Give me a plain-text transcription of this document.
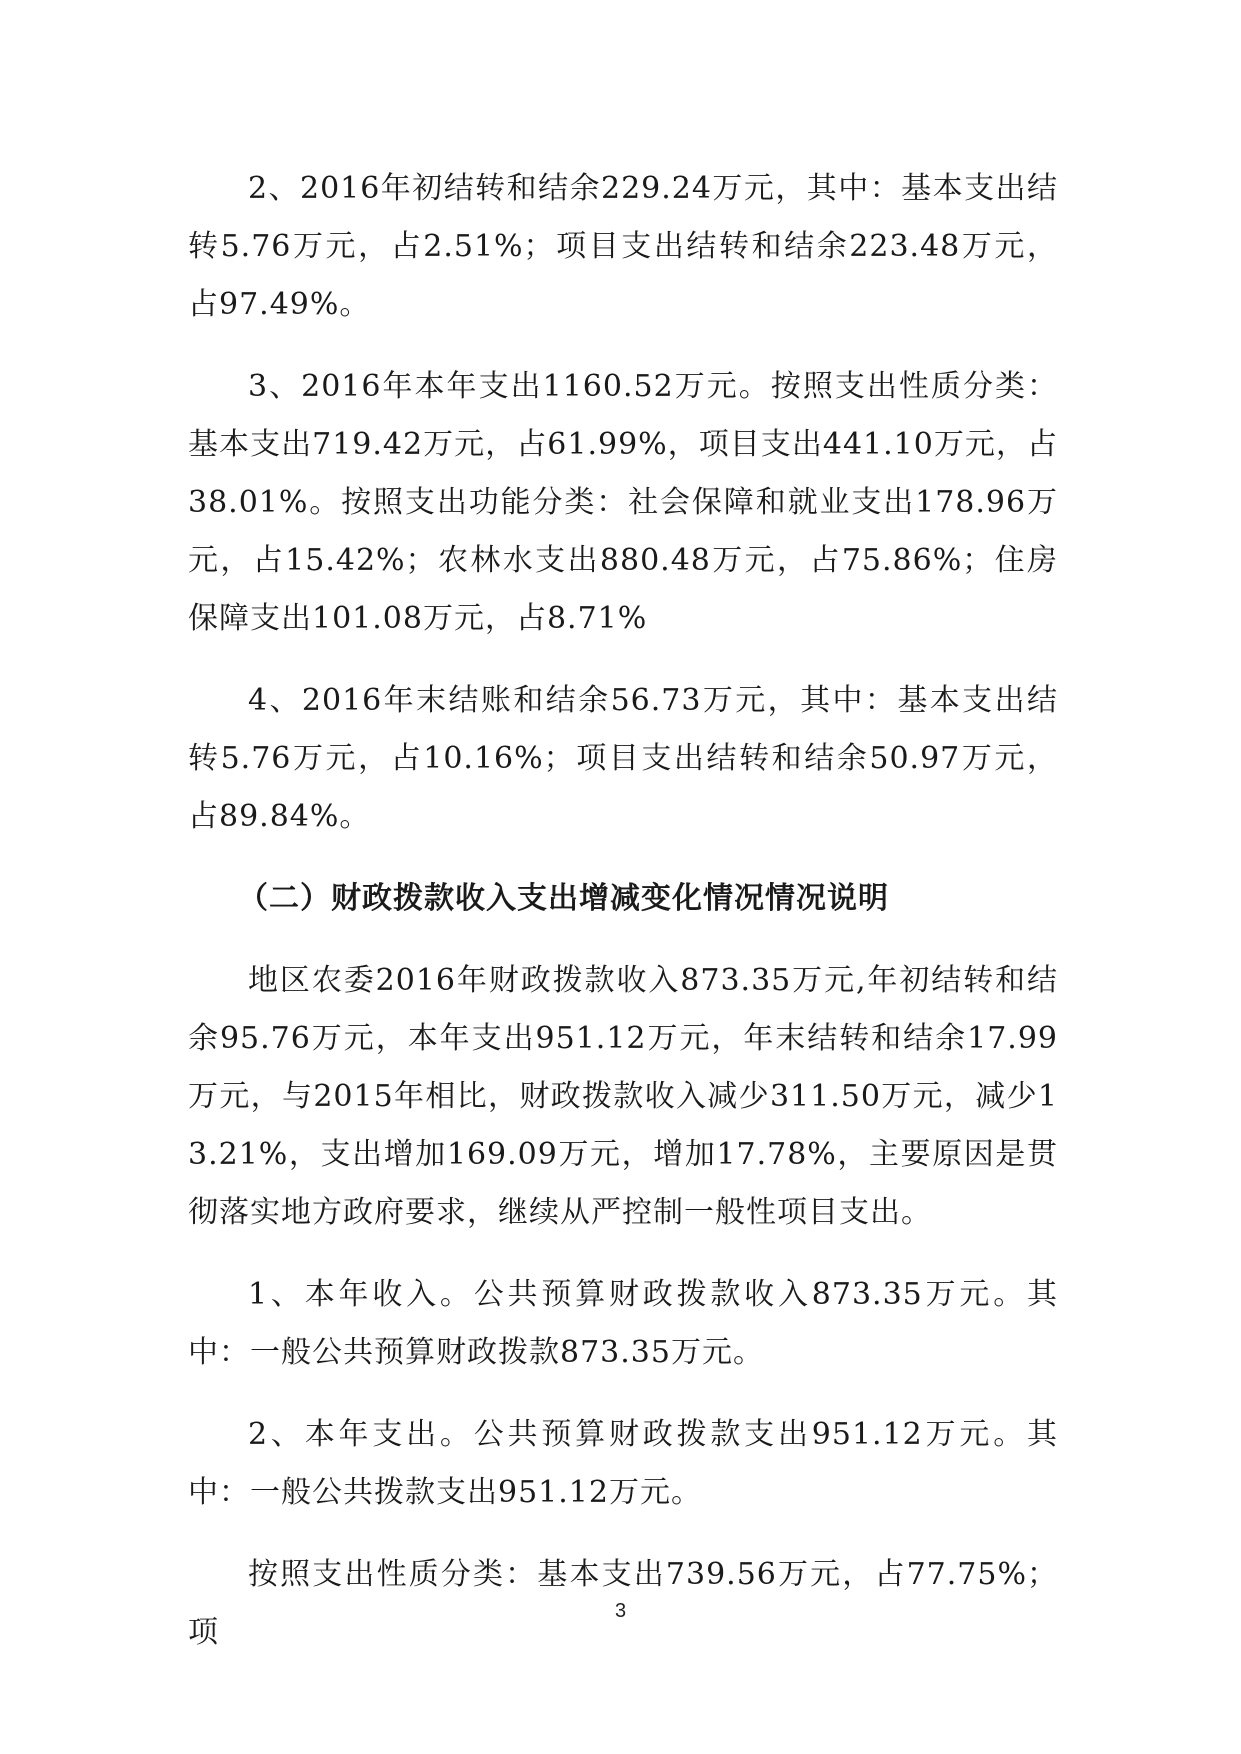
2、2016年初结转和结余229.24万元，其中：基本支出结转5.76万元，占2.51%；项目支出结转和结余223.48万元，占97.49%。

3、2016年本年支出1160.52万元。按照支出性质分类：基本支出719.42万元，占61.99%，项目支出441.10万元，占38.01%。按照支出功能分类：社会保障和就业支出178.96万元，占15.42%；农林水支出880.48万元，占75.86%；住房保障支出101.08万元，占8.71%

4、2016年末结账和结余56.73万元，其中：基本支出结转5.76万元，占10.16%；项目支出结转和结余50.97万元，占89.84%。

（二）财政拨款收入支出增减变化情况情况说明

地区农委2016年财政拨款收入873.35万元,年初结转和结余95.76万元，本年支出951.12万元，年末结转和结余17.99万元，与2015年相比，财政拨款收入减少311.50万元，减少13.21%，支出增加169.09万元，增加17.78%，主要原因是贯彻落实地方政府要求，继续从严控制一般性项目支出。

1、本年收入。公共预算财政拨款收入873.35万元。其中：一般公共预算财政拨款873.35万元。

2、本年支出。公共预算财政拨款支出951.12万元。其中：一般公共拨款支出951.12万元。

按照支出性质分类：基本支出739.56万元，占77.75%；项

3
